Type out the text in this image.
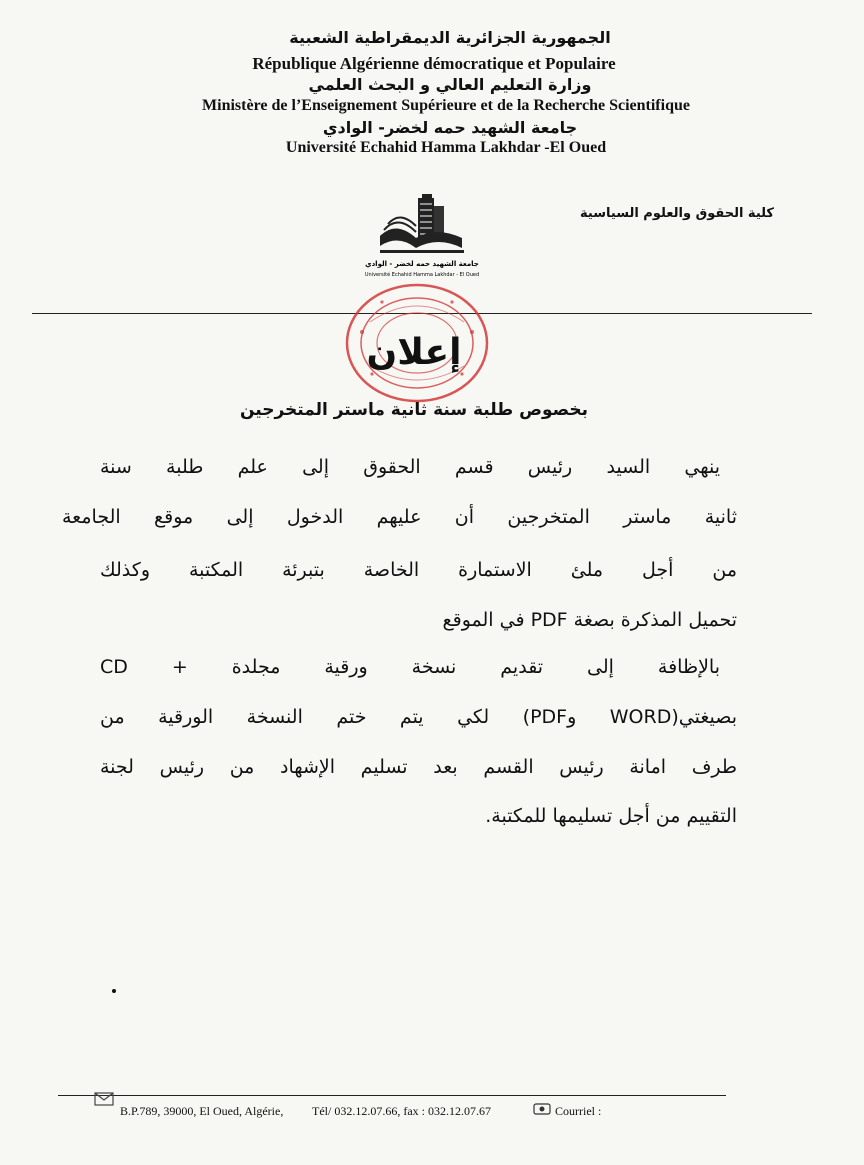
الجمهورية الجزائرية الديمقراطية الشعبية
République Algérienne démocratique et Populaire
وزارة التعليم العالي و البحث العلمي
Ministère de l’Enseignement Supérieure et de la Recherche Scientifique
جامعة الشهيد حمه لخضر- الوادي
Université Echahid Hamma Lakhdar -El Oued
كلية الحقوق والعلوم السياسية
جامعة الشهيد حمه لخضر - الوادي
Université Echahid Hamma Lakhdar - El Oued
إعلان
بخصوص طلبة سنة ثانية ماستر المتخرجين
ينهي السيد رئيس قسم الحقوق إلى علم طلبة سنة
ثانية ماستر المتخرجين أن عليهم الدخول إلى موقع الجامعة
من أجل ملئ الاستمارة الخاصة بتبرئة المكتبة وكذلك
تحميل المذكرة بصغة PDF في الموقع
بالإظافة إلى تقديم نسخة ورقية مجلدة + CD
بصيغتي(WORD وPDF) لكي يتم ختم النسخة الورقية من
طرف امانة رئيس القسم بعد تسليم الإشهاد من رئيس لجنة
التقييم من أجل تسليمها للمكتبة.
B.P.789, 39000, El Oued, Algérie, Tél/ 032.12.07.66, fax : 032.12.07.67	Courriel :
